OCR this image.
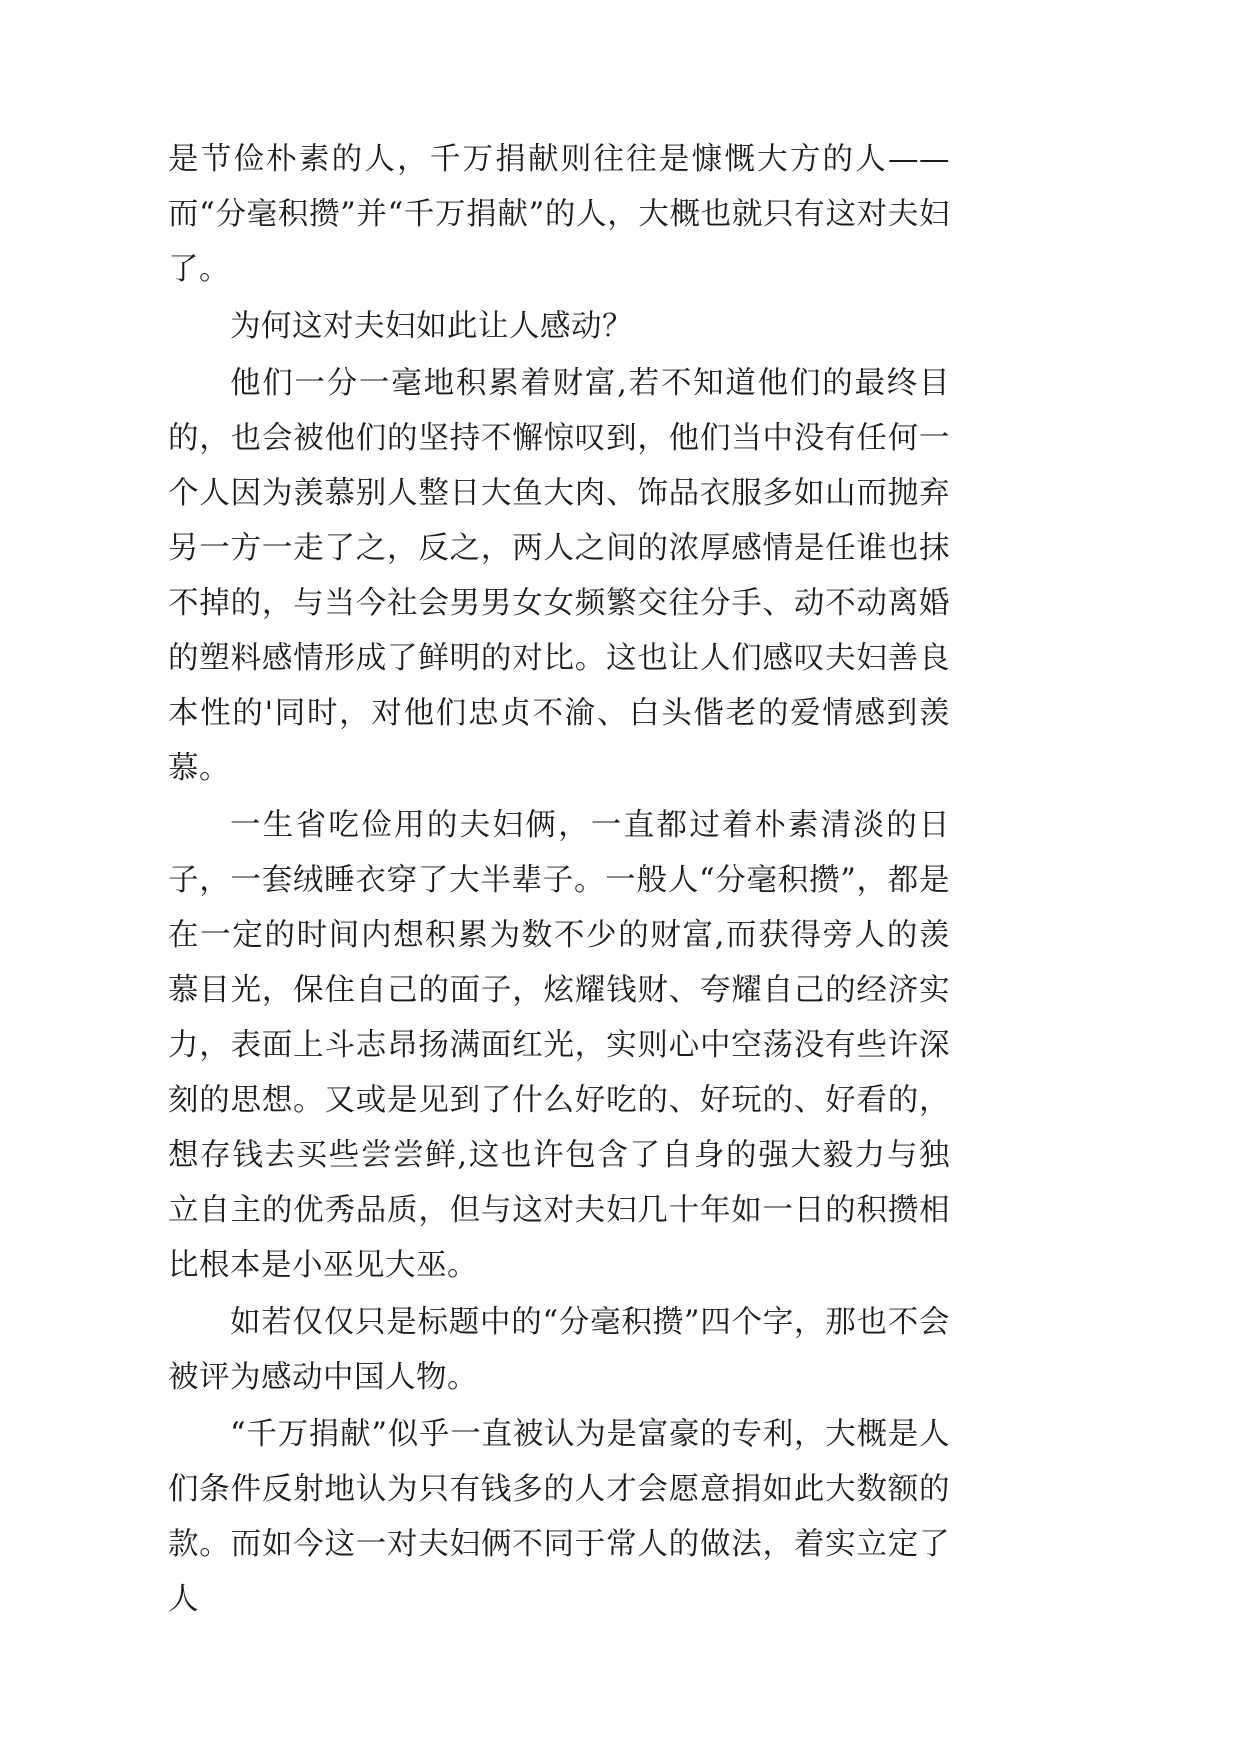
是节俭朴素的人，千万捐献则往往是慷慨大方的人——而“分毫积攒”并“千万捐献”的人，大概也就只有这对夫妇了。

为何这对夫妇如此让人感动？

他们一分一毫地积累着财富,若不知道他们的最终目的，也会被他们的坚持不懈惊叹到，他们当中没有任何一个人因为羡慕别人整日大鱼大肉、饰品衣服多如山而抛弃另一方一走了之，反之，两人之间的浓厚感情是任谁也抹不掉的，与当今社会男男女女频繁交往分手、动不动离婚的塑料感情形成了鲜明的对比。这也让人们感叹夫妇善良本性的'同时，对他们忠贞不渝、白头偕老的爱情感到羡慕。

一生省吃俭用的夫妇俩，一直都过着朴素清淡的日子，一套绒睡衣穿了大半辈子。一般人“分毫积攒”，都是在一定的时间内想积累为数不少的财富,而获得旁人的羡慕目光，保住自己的面子，炫耀钱财、夸耀自己的经济实力，表面上斗志昂扬满面红光，实则心中空荡没有些许深刻的思想。又或是见到了什么好吃的、好玩的、好看的，想存钱去买些尝尝鲜,这也许包含了自身的强大毅力与独立自主的优秀品质，但与这对夫妇几十年如一日的积攒相比根本是小巫见大巫。

如若仅仅只是标题中的“分毫积攒”四个字，那也不会被评为感动中国人物。

“千万捐献”似乎一直被认为是富豪的专利，大概是人们条件反射地认为只有钱多的人才会愿意捐如此大数额的款。而如今这一对夫妇俩不同于常人的做法，着实立定了人
